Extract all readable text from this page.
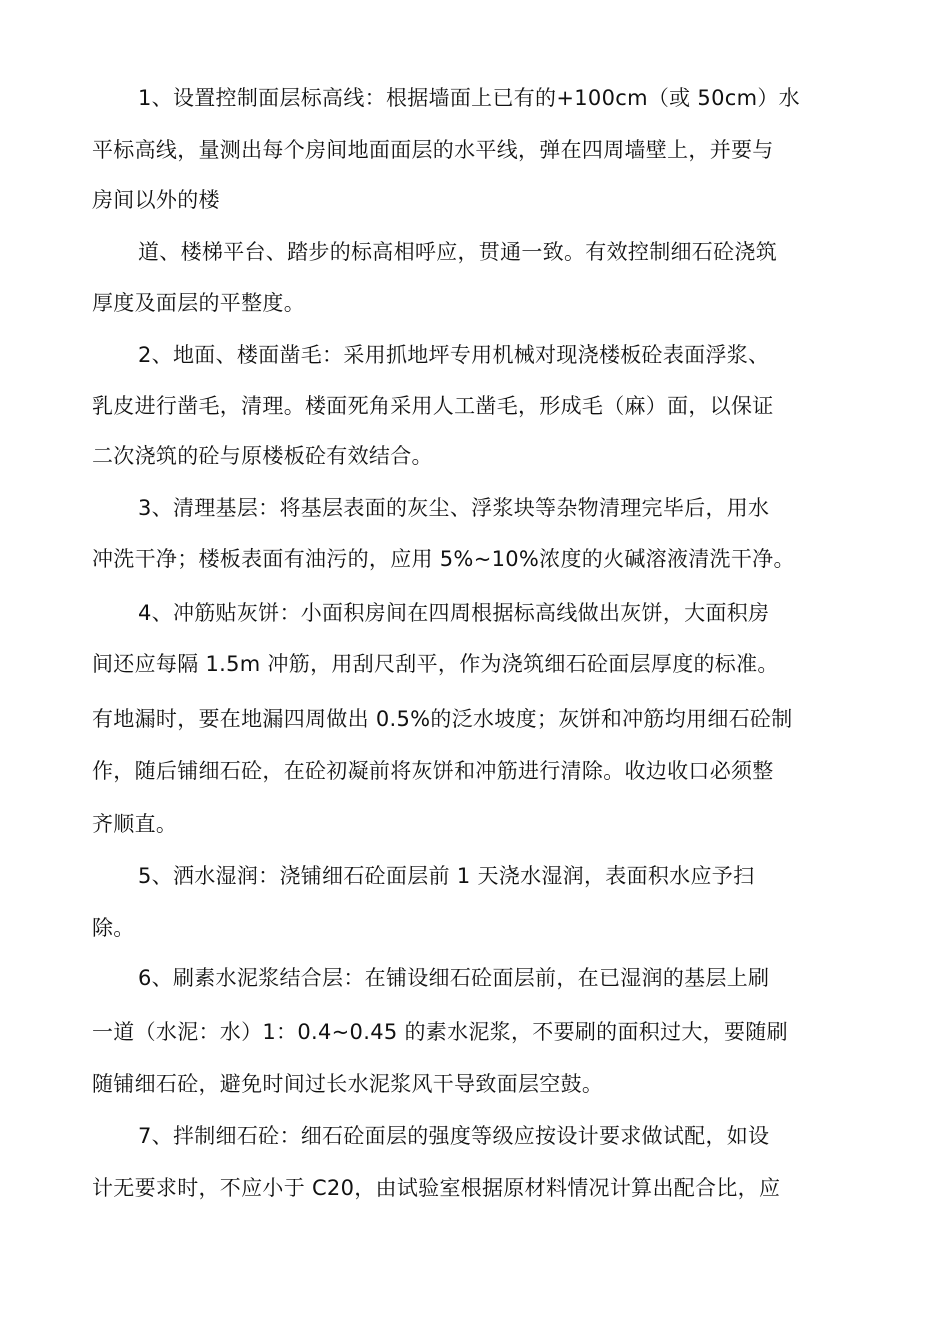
1、设置控制面层标高线：根据墙面上已有的+100cm（或 50cm）水
平标高线，量测出每个房间地面面层的水平线，弹在四周墙壁上，并要与
房间以外的楼
道、楼梯平台、踏步的标高相呼应，贯通一致。有效控制细石砼浇筑
厚度及面层的平整度。
2、地面、楼面凿毛：采用抓地坪专用机械对现浇楼板砼表面浮浆、
乳皮进行凿毛，清理。楼面死角采用人工凿毛，形成毛（麻）面，以保证
二次浇筑的砼与原楼板砼有效结合。
3、清理基层：将基层表面的灰尘、浮浆块等杂物清理完毕后，用水
冲洗干净；楼板表面有油污的，应用 5%~10%浓度的火碱溶液清洗干净。
4、冲筋贴灰饼：小面积房间在四周根据标高线做出灰饼，大面积房
间还应每隔 1.5m 冲筋，用刮尺刮平，作为浇筑细石砼面层厚度的标准。
有地漏时，要在地漏四周做出 0.5%的泛水坡度；灰饼和冲筋均用细石砼制
作，随后铺细石砼，在砼初凝前将灰饼和冲筋进行清除。收边收口必须整
齐顺直。
5、洒水湿润：浇铺细石砼面层前 1 天浇水湿润，表面积水应予扫
除。
6、刷素水泥浆结合层：在铺设细石砼面层前，在已湿润的基层上刷
一道（水泥：水）1：0.4~0.45 的素水泥浆，不要刷的面积过大，要随刷
随铺细石砼，避免时间过长水泥浆风干导致面层空鼓。
7、拌制细石砼：细石砼面层的强度等级应按设计要求做试配，如设
计无要求时，不应小于 C20，由试验室根据原材料情况计算出配合比，应
